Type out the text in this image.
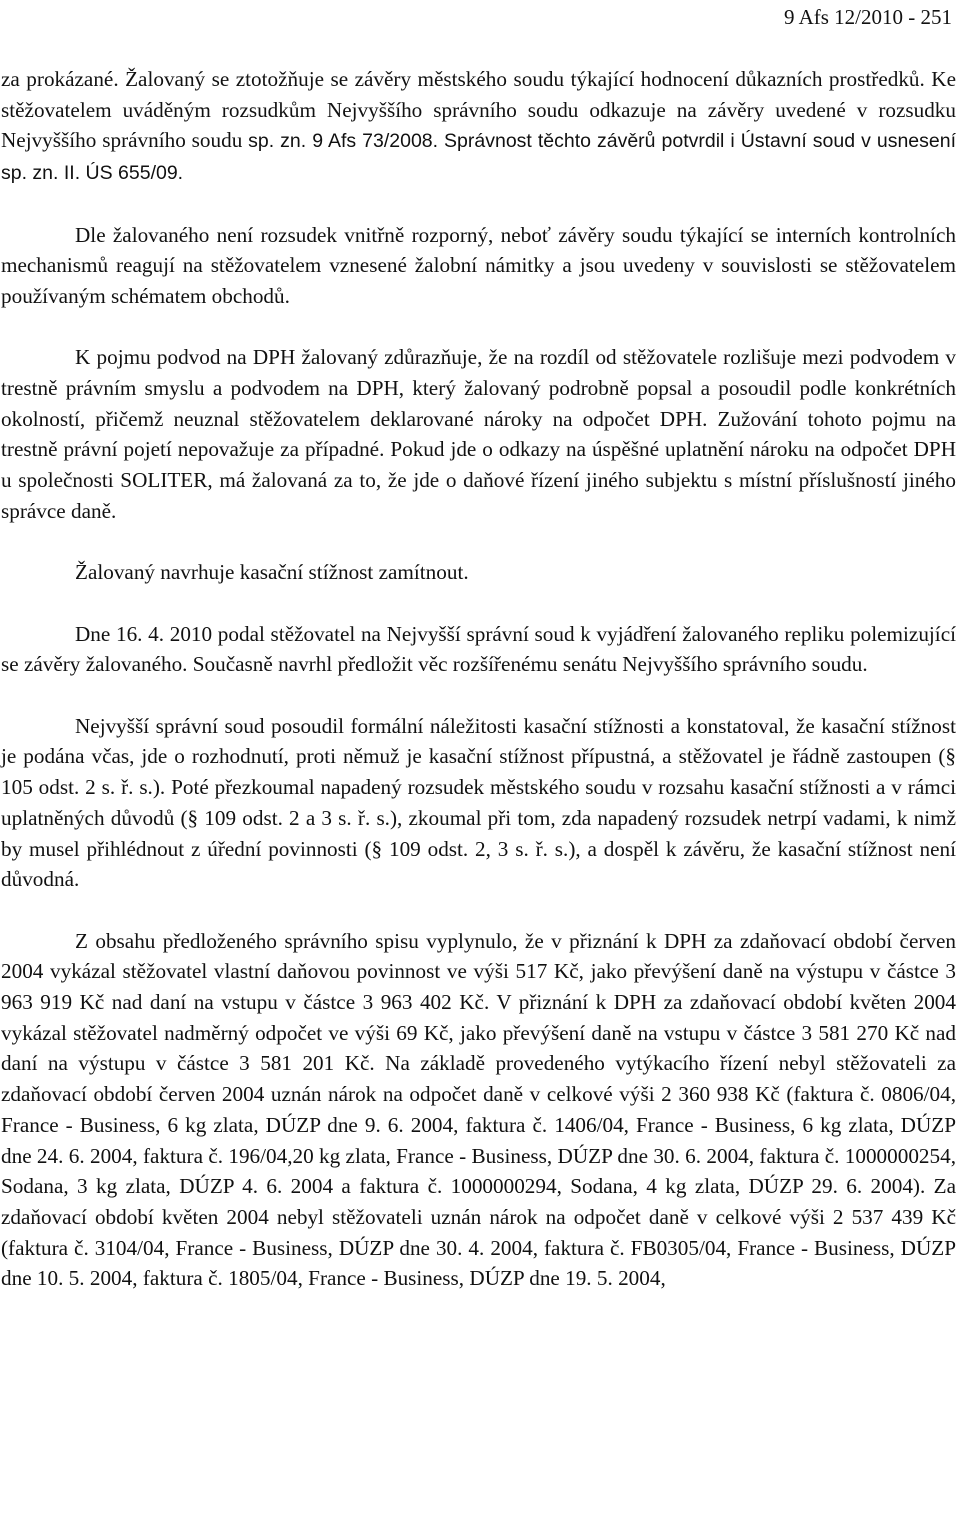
9 Afs 12/2010 - 251

za prokázané. Žalovaný se ztotožňuje se závěry městského soudu týkající hodnocení důkazních prostředků. Ke stěžovatelem uváděným rozsudkům Nejvyššího správního soudu odkazuje na závěry uvedené v rozsudku Nejvyššího správního soudu sp. zn. 9 Afs 73/2008. Správnost těchto závěrů potvrdil i Ústavní soud v usnesení sp. zn. II. ÚS 655/09.

Dle žalovaného není rozsudek vnitřně rozporný, neboť závěry soudu týkající se interních kontrolních mechanismů reagují na stěžovatelem vznesené žalobní námitky a jsou uvedeny v souvislosti se stěžovatelem používaným schématem obchodů.

K pojmu podvod na DPH žalovaný zdůrazňuje, že na rozdíl od stěžovatele rozlišuje mezi podvodem v trestně právním smyslu a podvodem na DPH, který žalovaný podrobně popsal a posoudil podle konkrétních okolností, přičemž neuznal stěžovatelem deklarované nároky na odpočet DPH. Zužování tohoto pojmu na trestně právní pojetí nepovažuje za případné. Pokud jde o odkazy na úspěšné uplatnění nároku na odpočet DPH u společnosti SOLITER, má žalovaná za to, že jde o daňové řízení jiného subjektu s místní příslušností jiného správce daně.

Žalovaný navrhuje kasační stížnost zamítnout.

Dne 16. 4. 2010 podal stěžovatel na Nejvyšší správní soud k vyjádření žalovaného repliku polemizující se závěry žalovaného. Současně navrhl předložit věc rozšířenému senátu Nejvyššího správního soudu.

Nejvyšší správní soud posoudil formální náležitosti kasační stížnosti a konstatoval, že kasační stížnost je podána včas, jde o rozhodnutí, proti němuž je kasační stížnost přípustná, a stěžovatel je řádně zastoupen (§ 105 odst. 2 s. ř. s.). Poté přezkoumal napadený rozsudek městského soudu v rozsahu kasační stížnosti a v rámci uplatněných důvodů (§ 109 odst. 2 a 3 s. ř. s.), zkoumal při tom, zda napadený rozsudek netrpí vadami, k nimž by musel přihlédnout z úřední povinnosti (§ 109 odst. 2, 3 s. ř. s.), a dospěl k závěru, že kasační stížnost není důvodná.

Z obsahu předloženého správního spisu vyplynulo, že v přiznání k DPH za zdaňovací období červen 2004 vykázal stěžovatel vlastní daňovou povinnost ve výši 517 Kč, jako převýšení daně na výstupu v částce 3 963 919 Kč nad daní na vstupu v částce 3 963 402 Kč. V přiznání k DPH za zdaňovací období květen 2004 vykázal stěžovatel nadměrný odpočet ve výši 69 Kč, jako převýšení daně na vstupu v částce 3 581 270 Kč nad daní na výstupu v částce 3 581 201 Kč. Na základě provedeného vytýkacího řízení nebyl stěžovateli za zdaňovací období červen 2004 uznán nárok na odpočet daně v celkové výši 2 360 938 Kč (faktura č. 0806/04, France - Business, 6 kg zlata, DÚZP dne 9. 6. 2004, faktura č. 1406/04, France - Business, 6 kg zlata, DÚZP dne 24. 6. 2004, faktura č. 196/04,20 kg zlata, France - Business, DÚZP dne 30. 6. 2004, faktura č. 1000000254, Sodana, 3 kg zlata, DÚZP 4. 6. 2004 a faktura č. 1000000294, Sodana, 4 kg zlata, DÚZP 29. 6. 2004). Za zdaňovací období květen 2004 nebyl stěžovateli uznán nárok na odpočet daně v celkové výši 2 537 439 Kč (faktura č. 3104/04, France - Business, DÚZP dne 30. 4. 2004, faktura č. FB0305/04, France - Business, DÚZP dne 10. 5. 2004, faktura č. 1805/04, France - Business, DÚZP dne 19. 5. 2004,
